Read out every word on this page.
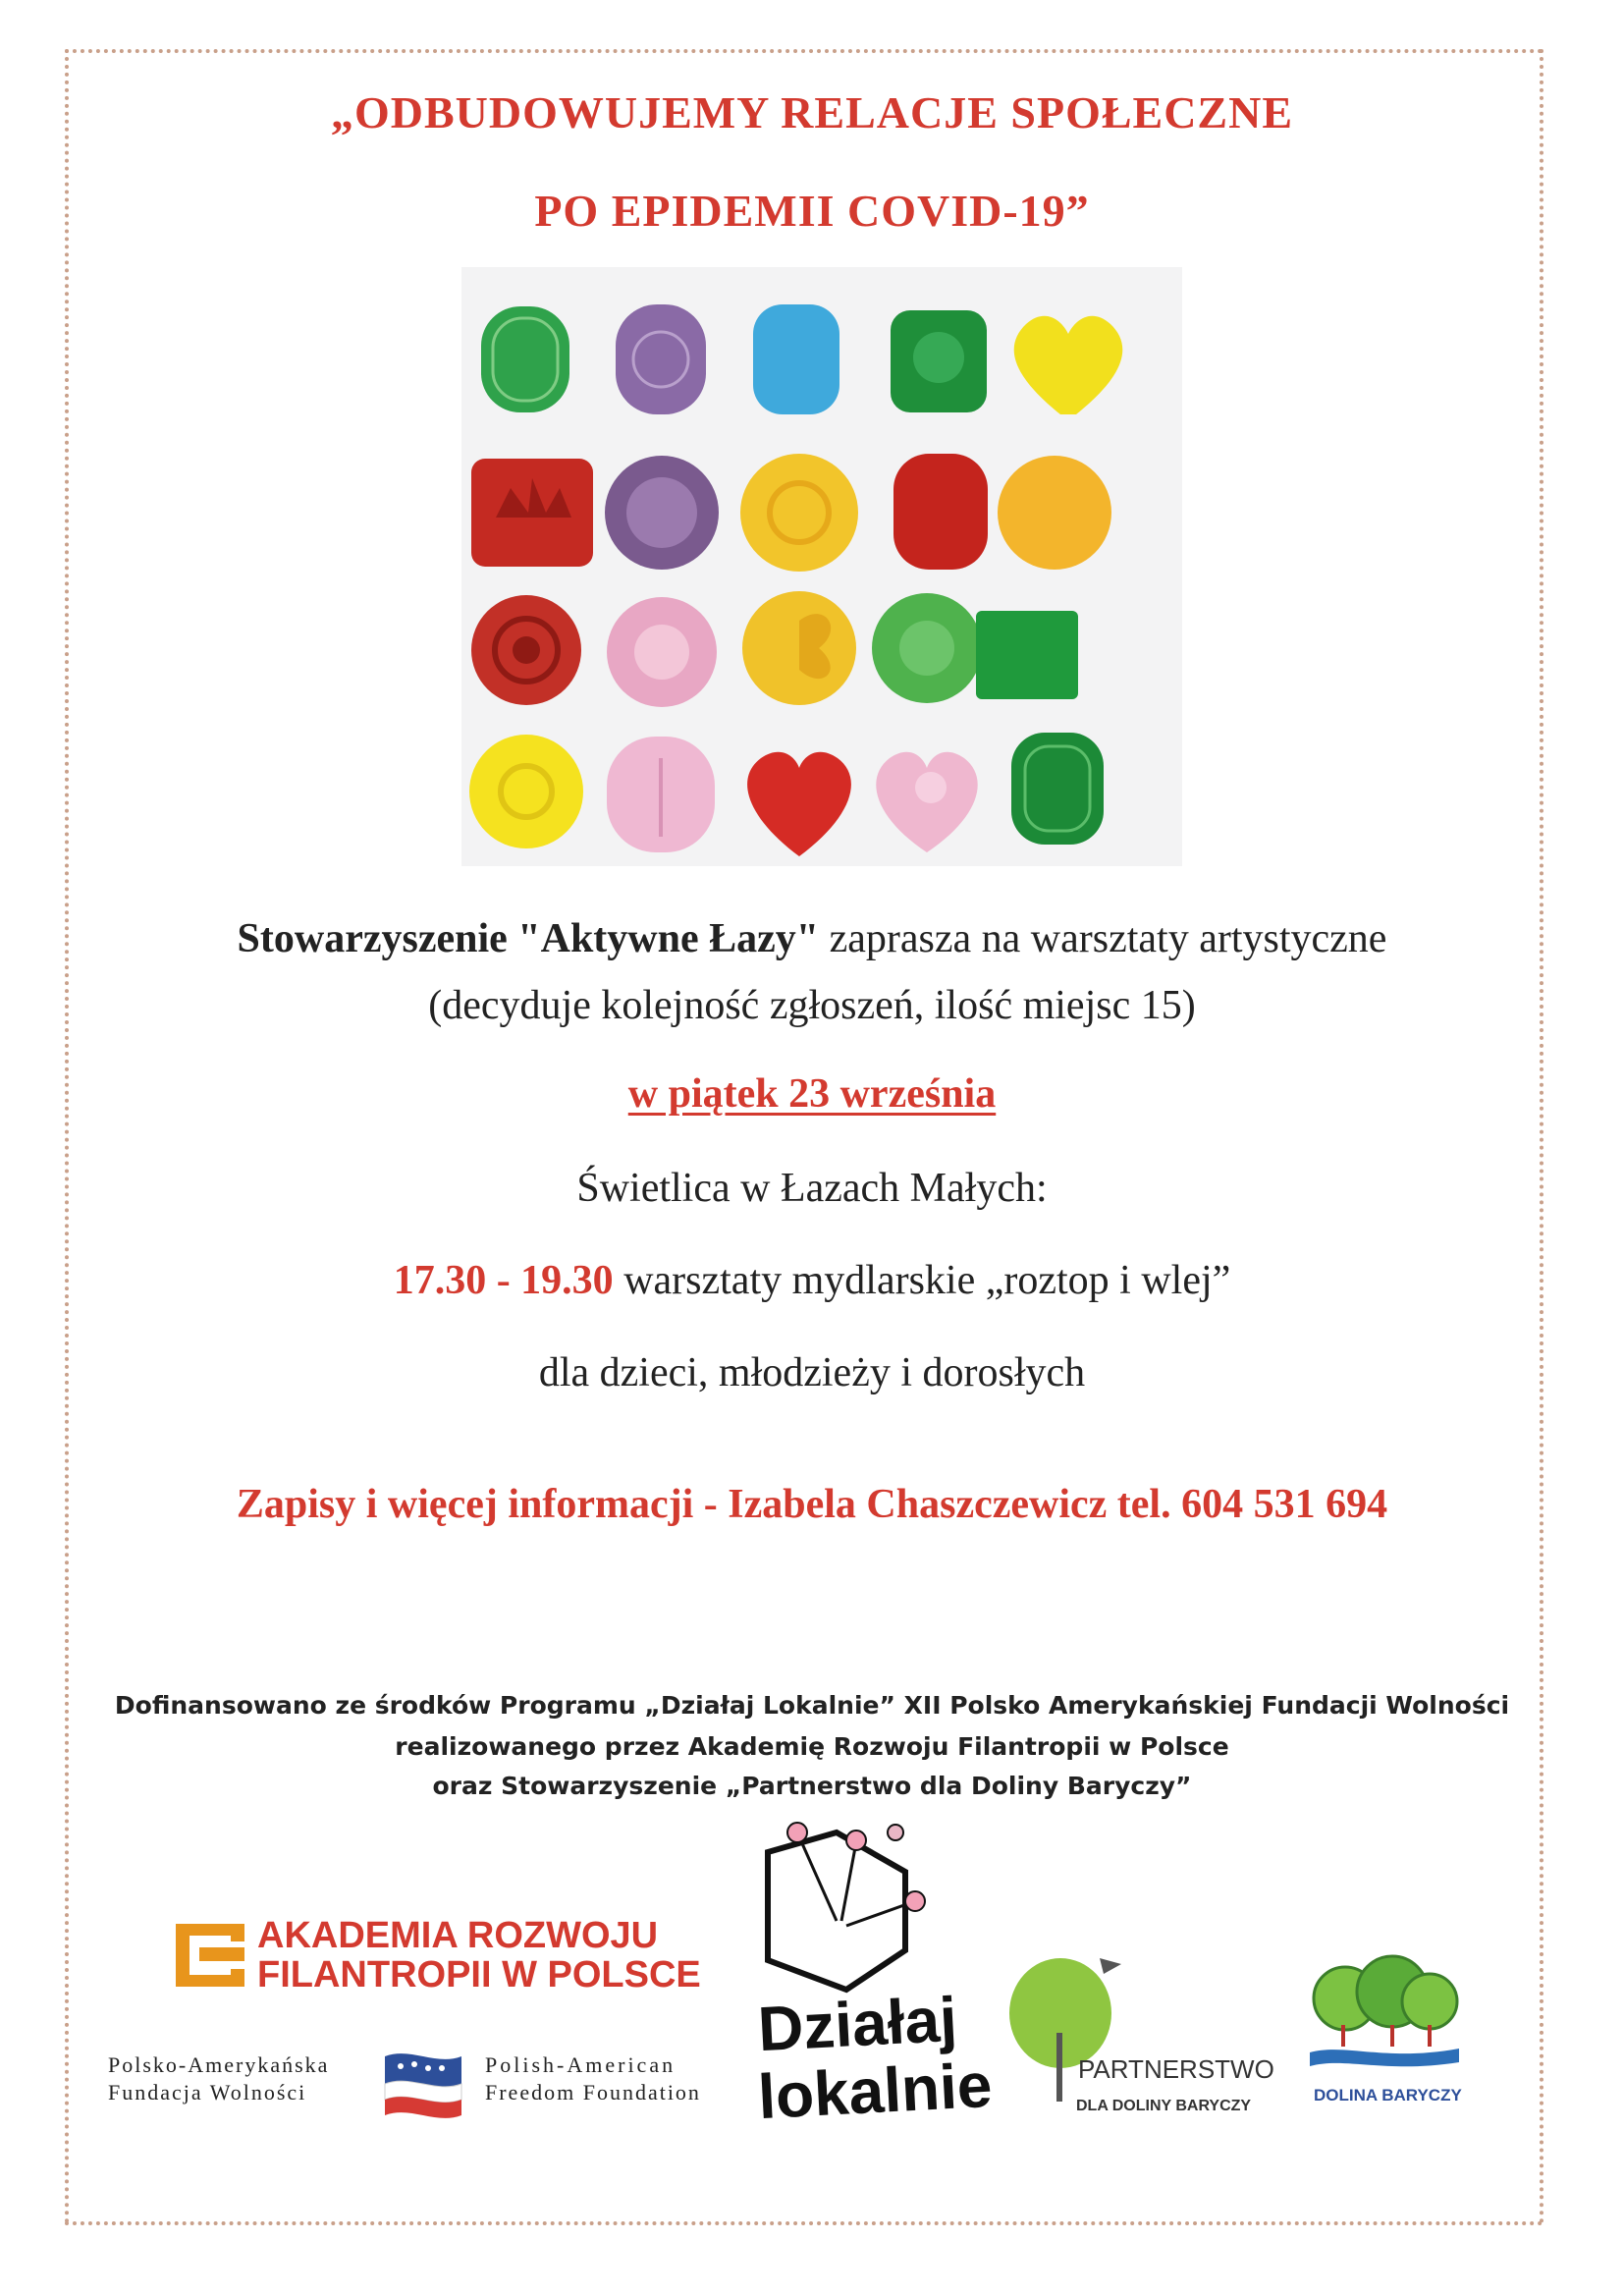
„ODBUDOWUJEMY RELACJE SPOŁECZNE
PO EPIDEMII COVID-19”
Stowarzyszenie "Aktywne Łazy" zaprasza na warsztaty artystyczne
(decyduje kolejność zgłoszeń, ilość miejsc 15)
w piątek 23 września
Świetlica w Łazach Małych:
17.30 - 19.30 warsztaty mydlarskie „roztop i wlej”
dla dzieci, młodzieży i dorosłych
Zapisy i więcej informacji - Izabela Chaszczewicz tel. 604 531 694
Dofinansowano ze środków Programu „Działaj Lokalnie” XII Polsko Amerykańskiej Fundacji Wolności
realizowanego przez Akademię Rozwoju Filantropii w Polsce
oraz Stowarzyszenie „Partnerstwo dla Doliny Baryczy”
AKADEMIA ROZWOJU
FILANTROPII W POLSCE
Polsko-Amerykańska
Fundacja Wolności
Polish-American
Freedom Foundation
Działaj
lokalnie	PARTNERSTWO
DLA DOLINY BARYCZY
DOLINA BARYCZY
